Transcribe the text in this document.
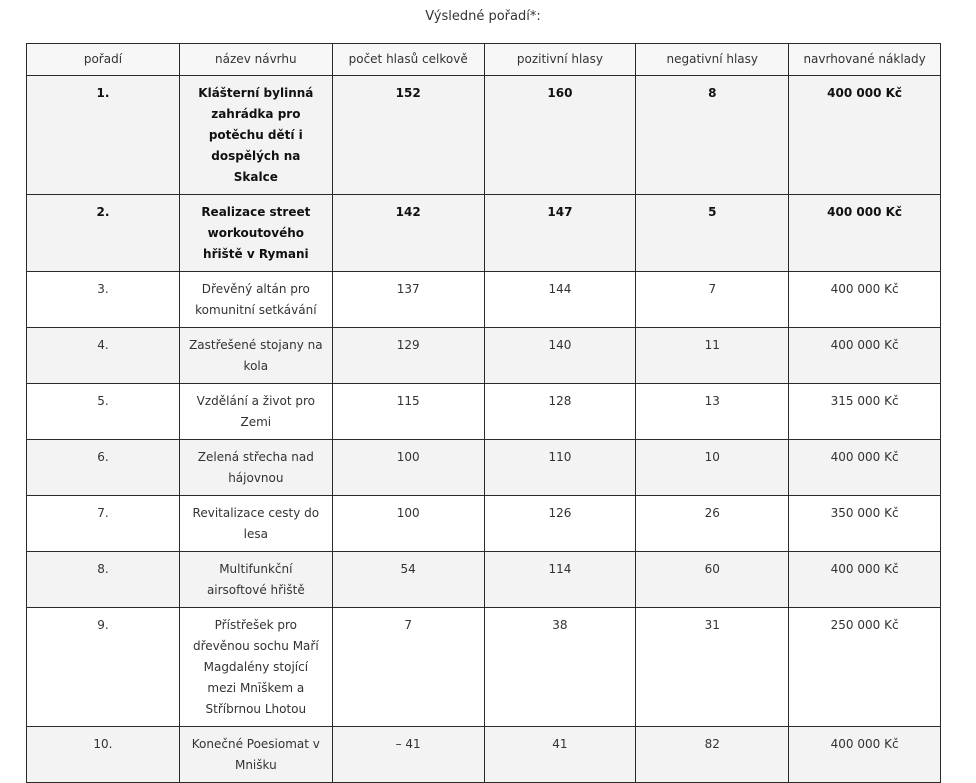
Výsledné pořadí*:
pořadí	název návrhu	počet hlasů celkově	pozitivní hlasy	negativní hlasy	navrhované náklady
1.	Klášterní bylinná zahrádka pro potěchu dětí i dospělých na Skalce	152	160	8	400 000 Kč
2.	Realizace street workoutového hřiště v Rymani	142	147	5	400 000 Kč
3.	Dřevěný altán pro komunitní setkávání	137	144	7	400 000 Kč
4.	Zastřešené stojany na kola	129	140	11	400 000 Kč
5.	Vzdělání a život pro Zemi	115	128	13	315 000 Kč
6.	Zelená střecha nad hájovnou	100	110	10	400 000 Kč
7.	Revitalizace cesty do lesa	100	126	26	350 000 Kč
8.	Multifunkční airsoftové hřiště	54	114	60	400 000 Kč
9.	Přístřešek pro dřevěnou sochu Maří Magdalény stojící mezi Mnīškem a Stříbrnou Lhotou	7	38	31	250 000 Kč
10.	Konečné Poesiomat v Mnišku	– 41	41	82	400 000 Kč
